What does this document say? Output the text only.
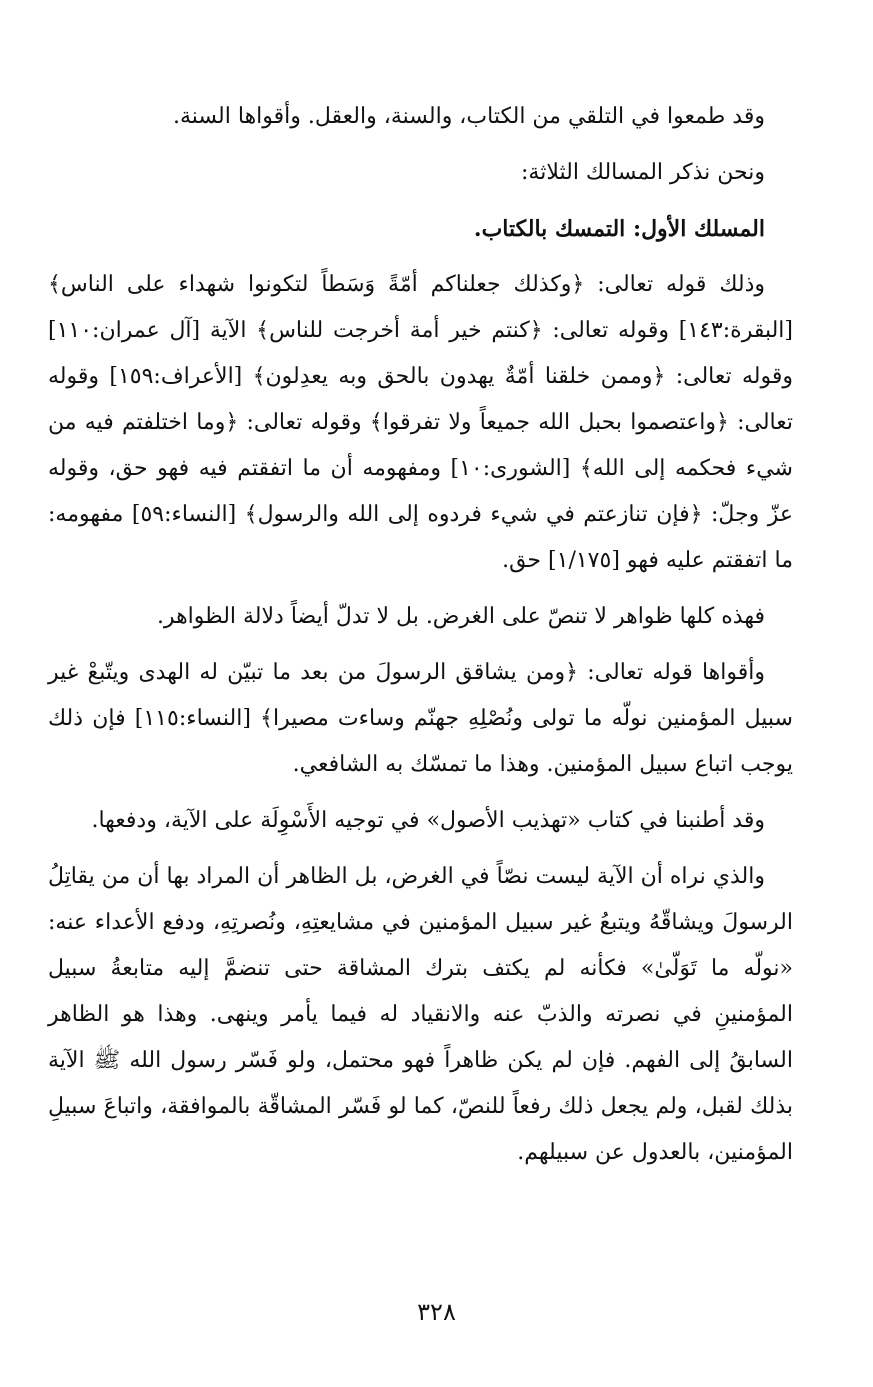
وقد طمعوا في التلقي من الكتاب، والسنة، والعقل. وأقواها السنة.

ونحن نذكر المسالك الثلاثة:

المسلك الأول: التمسك بالكتاب.

وذلك قوله تعالى: ﴿وكذلك جعلناكم أمّةً وَسَطاً لتكونوا شهداء على الناس﴾ [البقرة:١٤٣] وقوله تعالى: ﴿كنتم خير أمة أخرجت للناس﴾ الآية [آل عمران:١١٠] وقوله تعالى: ﴿وممن خلقنا أمّةٌ يهدون بالحق وبه يعدِلون﴾ [الأعراف:١٥٩] وقوله تعالى: ﴿واعتصموا بحبل الله جميعاً ولا تفرقوا﴾ وقوله تعالى: ﴿وما اختلفتم فيه من شيء فحكمه إلى الله﴾ [الشورى:١٠] ومفهومه أن ما اتفقتم فيه فهو حق، وقوله عزّ وجلّ: ﴿فإن تنازعتم في شيء فردوه إلى الله والرسول﴾ [النساء:٥٩] مفهومه: ما اتفقتم عليه فهو [١/١٧٥] حق.

فهذه كلها ظواهر لا تنصّ على الغرض. بل لا تدلّ أيضاً دلالة الظواهر.

وأقواها قوله تعالى: ﴿ومن يشاقق الرسولَ من بعد ما تبيّن له الهدى ويتّبعْ غير سبيل المؤمنين نولّه ما تولى ونُصْلِهِ جهنّم وساءت مصيرا﴾ [النساء:١١٥] فإن ذلك يوجب اتباع سبيل المؤمنين. وهذا ما تمسّك به الشافعي.

وقد أطنبنا في كتاب «تهذيب الأصول» في توجيه الأَسْوِلَة على الآية، ودفعها.

والذي نراه أن الآية ليست نصّاً في الغرض، بل الظاهر أن المراد بها أن من يقاتِلُ الرسولَ ويشاقّهُ ويتبعُ غير سبيل المؤمنين في مشايعتِهِ، ونُصرتِهِ، ودفع الأعداء عنه: «نولّه ما تَوَلّىٰ» فكأنه لم يكتف بترك المشاقة حتى تنضمَّ إليه متابعةُ سبيل المؤمنينِ في نصرته والذبّ عنه والانقياد له فيما يأمر وينهى. وهذا هو الظاهر السابقُ إلى الفهم. فإن لم يكن ظاهراً فهو محتمل، ولو فَسّر رسول الله ﷺ الآية بذلك لقبل، ولم يجعل ذلك رفعاً للنصّ، كما لو فَسّر المشاقّة بالموافقة، واتباعَ سبيلِ المؤمنين، بالعدول عن سبيلهم.

٣٢٨
